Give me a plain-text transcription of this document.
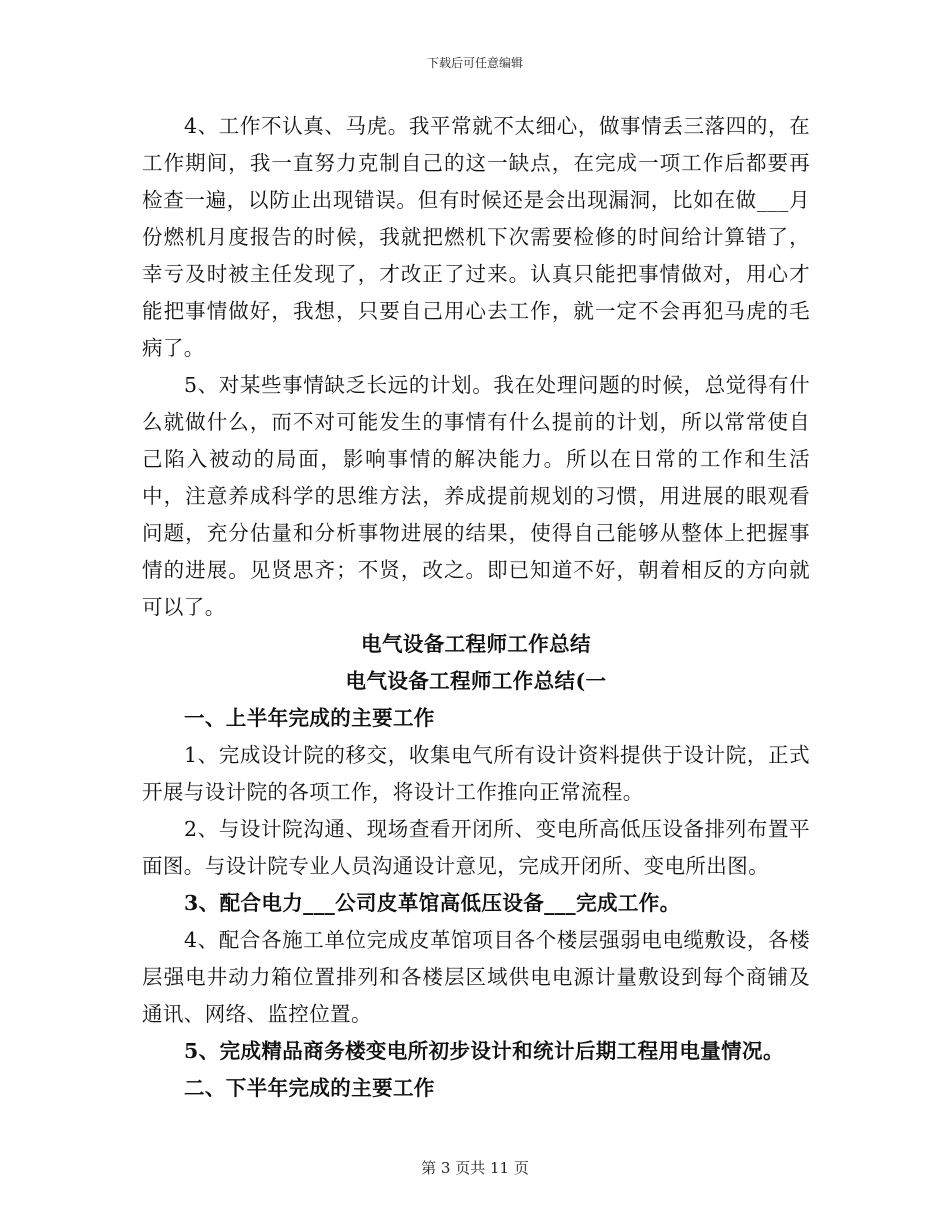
下载后可任意编辑

4、工作不认真、马虎。我平常就不太细心，做事情丢三落四的，在工作期间，我一直努力克制自己的这一缺点，在完成一项工作后都要再检查一遍，以防止出现错误。但有时候还是会出现漏洞，比如在做___月份燃机月度报告的时候，我就把燃机下次需要检修的时间给计算错了，幸亏及时被主任发现了，才改正了过来。认真只能把事情做对，用心才能把事情做好，我想，只要自己用心去工作，就一定不会再犯马虎的毛病了。

5、对某些事情缺乏长远的计划。我在处理问题的时候，总觉得有什么就做什么，而不对可能发生的事情有什么提前的计划，所以常常使自己陷入被动的局面，影响事情的解决能力。所以在日常的工作和生活中，注意养成科学的思维方法，养成提前规划的习惯，用进展的眼观看问题，充分估量和分析事物进展的结果，使得自己能够从整体上把握事情的进展。见贤思齐；不贤，改之。即已知道不好，朝着相反的方向就可以了。

电气设备工程师工作总结

电气设备工程师工作总结(一

一、上半年完成的主要工作

1、完成设计院的移交，收集电气所有设计资料提供于设计院，正式开展与设计院的各项工作，将设计工作推向正常流程。

2、与设计院沟通、现场查看开闭所、变电所高低压设备排列布置平面图。与设计院专业人员沟通设计意见，完成开闭所、变电所出图。

3、配合电力___公司皮革馆高低压设备___完成工作。

4、配合各施工单位完成皮革馆项目各个楼层强弱电电缆敷设，各楼层强电井动力箱位置排列和各楼层区域供电电源计量敷设到每个商铺及通讯、网络、监控位置。

5、完成精品商务楼变电所初步设计和统计后期工程用电量情况。

二、下半年完成的主要工作

第 3 页共 11 页
